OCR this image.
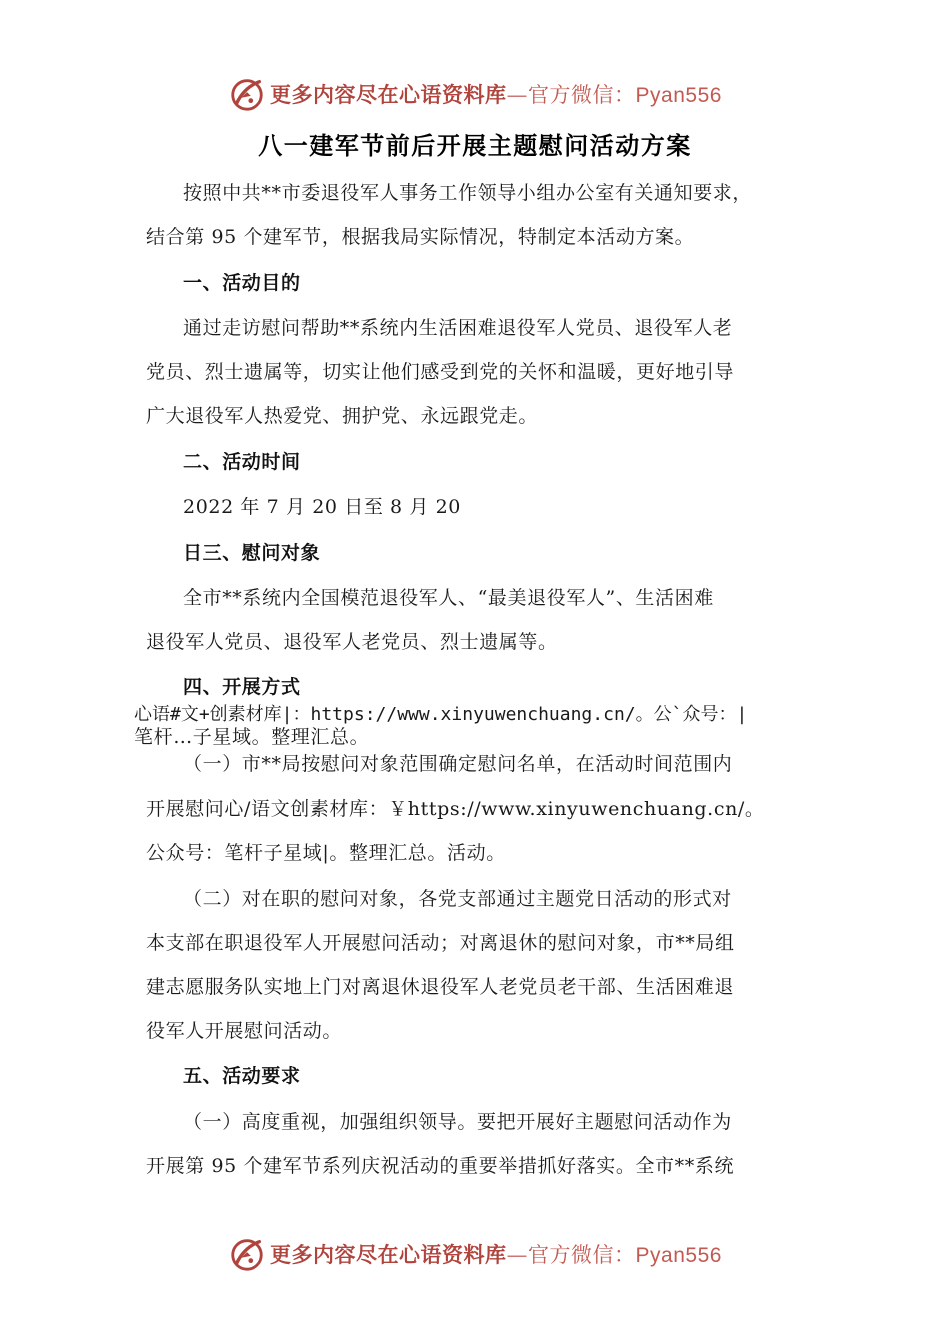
更多内容尽在心语资料库—官方微信：Pyan556
八一建军节前后开展主题慰问活动方案
按照中共**市委退役军人事务工作领导小组办公室有关通知要求，
结合第 95 个建军节，根据我局实际情况，特制定本活动方案。
一、活动目的
通过走访慰问帮助**系统内生活困难退役军人党员、退役军人老
党员、烈士遗属等，切实让他们感受到党的关怀和温暖，更好地引导
广大退役军人热爱党、拥护党、永远跟党走。
二、活动时间
2022 年 7 月 20 日至 8 月 20
日三、慰问对象
全市**系统内全国模范退役军人、“最美退役军人”、生活困难
退役军人党员、退役军人老党员、烈士遗属等。
四、开展方式
心语#文+创素材库|：https://www.xinyuwenchuang.cn/。公`众号：|
笔杆…子星域。整理汇总。
（一）市**局按慰问对象范围确定慰问名单，在活动时间范围内
开展慰问心/语文创素材库：￥https://www.xinyuwenchuang.cn/。
公众号：笔杆子星域|。整理汇总。活动。
（二）对在职的慰问对象，各党支部通过主题党日活动的形式对
本支部在职退役军人开展慰问活动；对离退休的慰问对象，市**局组
建志愿服务队实地上门对离退休退役军人老党员老干部、生活困难退
役军人开展慰问活动。
五、活动要求
（一）高度重视，加强组织领导。要把开展好主题慰问活动作为
开展第 95 个建军节系列庆祝活动的重要举措抓好落实。全市**系统
更多内容尽在心语资料库—官方微信：Pyan556
